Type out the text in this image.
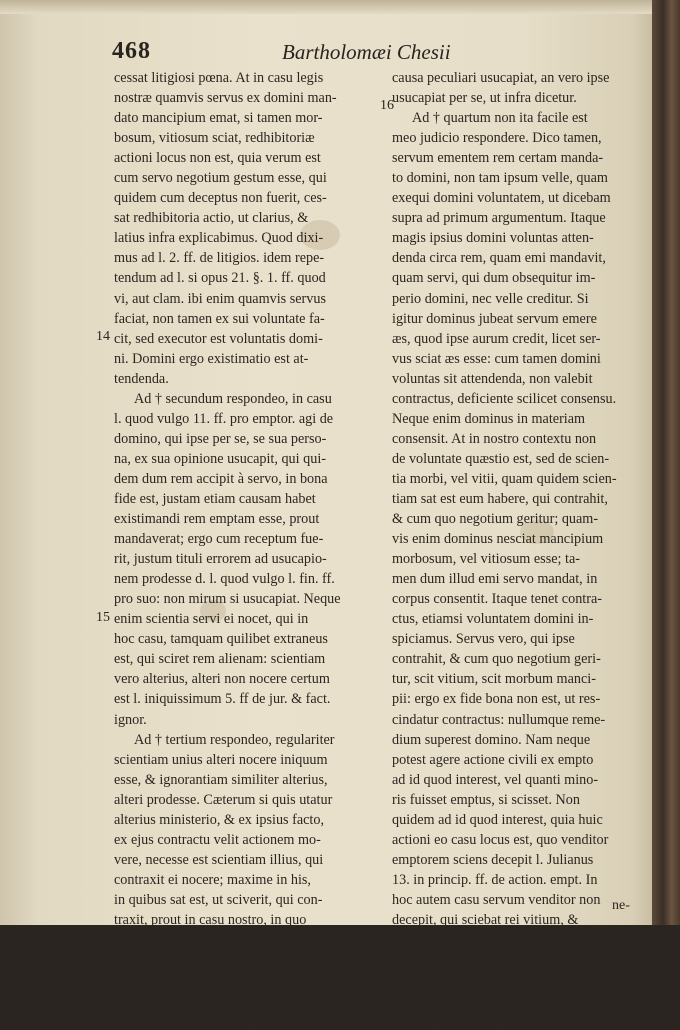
468	Bartholomæi Chesii
14
15
16

cessat litigiosi pœna. At in casu legis

nostræ quamvis servus ex domini man-

dato mancipium emat, si tamen mor-

bosum, vitiosum sciat, redhibitoriæ

actioni locus non est, quia verum est

cum servo negotium gestum esse, qui

quidem cum deceptus non fuerit, ces-

sat redhibitoria actio, ut clarius, &

latius infra explicabimus. Quod dixi-

mus ad l. 2. ff. de litigios. idem repe-

tendum ad l. si opus 21. §. 1. ff. quod

vi, aut clam. ibi enim quamvis servus

faciat, non tamen ex sui voluntate fa-

cit, sed executor est voluntatis domi-

ni. Domini ergo existimatio est at-

tendenda.

Ad † secundum respondeo, in casu

l. quod vulgo 11. ff. pro emptor. agi de

domino, qui ipse per se, se sua perso-

na, ex sua opinione usucapit, qui qui-

dem dum rem accipit à servo, in bona

fide est, justam etiam causam habet

existimandi rem emptam esse, prout

mandaverat; ergo cum receptum fue-

rit, justum tituli errorem ad usucapio-

nem prodesse d. l. quod vulgo l. fin. ff.

pro suo: non mirum si usucapiat. Neque

enim scientia servi ei nocet, qui in

hoc casu, tamquam quilibet extraneus

est, qui sciret rem alienam: scientiam

vero alterius, alteri non nocere certum

est l. iniquissimum 5. ff de jur. & fact.

ignor.

Ad † tertium respondeo, regulariter

scientiam unius alteri nocere iniquum

esse, & ignorantiam similiter alterius,

alteri prodesse. Cæterum si quis utatur

alterius ministerio, & ex ipsius facto,

ex ejus contractu velit actionem mo-

vere, necesse est scientiam illius, qui

contraxit ei nocere; maxime in his,

in quibus sat est, ut sciverit, qui con-

traxit, prout in casu nostro, in quo

cum servus ipse contraxerit, non do-

minus, & ex contractu servi dominus

agere velit: scientiam servi attendi ne-

cesse est. Prout etiam videmus mul-

tum interesse, dominus per servum ex

causa peculiari usucapiat, an vero ipse

usucapiat per se, ut infra dicetur.

Ad † quartum non ita facile est

meo judicio respondere. Dico tamen,

servum ementem rem certam manda-

to domini, non tam ipsum velle, quam

exequi domini voluntatem, ut dicebam

supra ad primum argumentum. Itaque

magis ipsius domini voluntas atten-

denda circa rem, quam emi mandavit,

quam servi, qui dum obsequitur im-

perio domini, nec velle creditur. Si

igitur dominus jubeat servum emere

æs, quod ipse aurum credit, licet ser-

vus sciat æs esse: cum tamen domini

voluntas sit attendenda, non valebit

contractus, deficiente scilicet consensu.

Neque enim dominus in materiam

consensit. At in nostro contextu non

de voluntate quæstio est, sed de scien-

tia morbi, vel vitii, quam quidem scien-

tiam sat est eum habere, qui contrahit,

& cum quo negotium geritur; quam-

vis enim dominus nesciat mancipium

morbosum, vel vitiosum esse; ta-

men dum illud emi servo mandat, in

corpus consentit. Itaque tenet contra-

ctus, etiamsi voluntatem domini in-

spiciamus. Servus vero, qui ipse

contrahit, & cum quo negotium geri-

tur, scit vitium, scit morbum manci-

pii: ergo ex fide bona non est, ut res-

cindatur contractus: nullumque reme-

dium superest domino. Nam neque

potest agere actione civili ex empto

ad id quod interest, vel quanti mino-

ris fuisset emptus, si scisset. Non

quidem ad id quod interest, quia huic

actioni eo casu locus est, quo venditor

emptorem sciens decepit l. Julianus

13. in princip. ff. de action. empt. In

hoc autem casu servum venditor non

decepit, qui sciebat rei vitium, &

cum quo negotium contraxit. Nec

etiam quanti minoris fuisset empturus,

quia pretium ipse dominus non dixit,

sed servus, cui in hoc, & in cæteris

etiam, præter rem ipsam emendam

ne-
